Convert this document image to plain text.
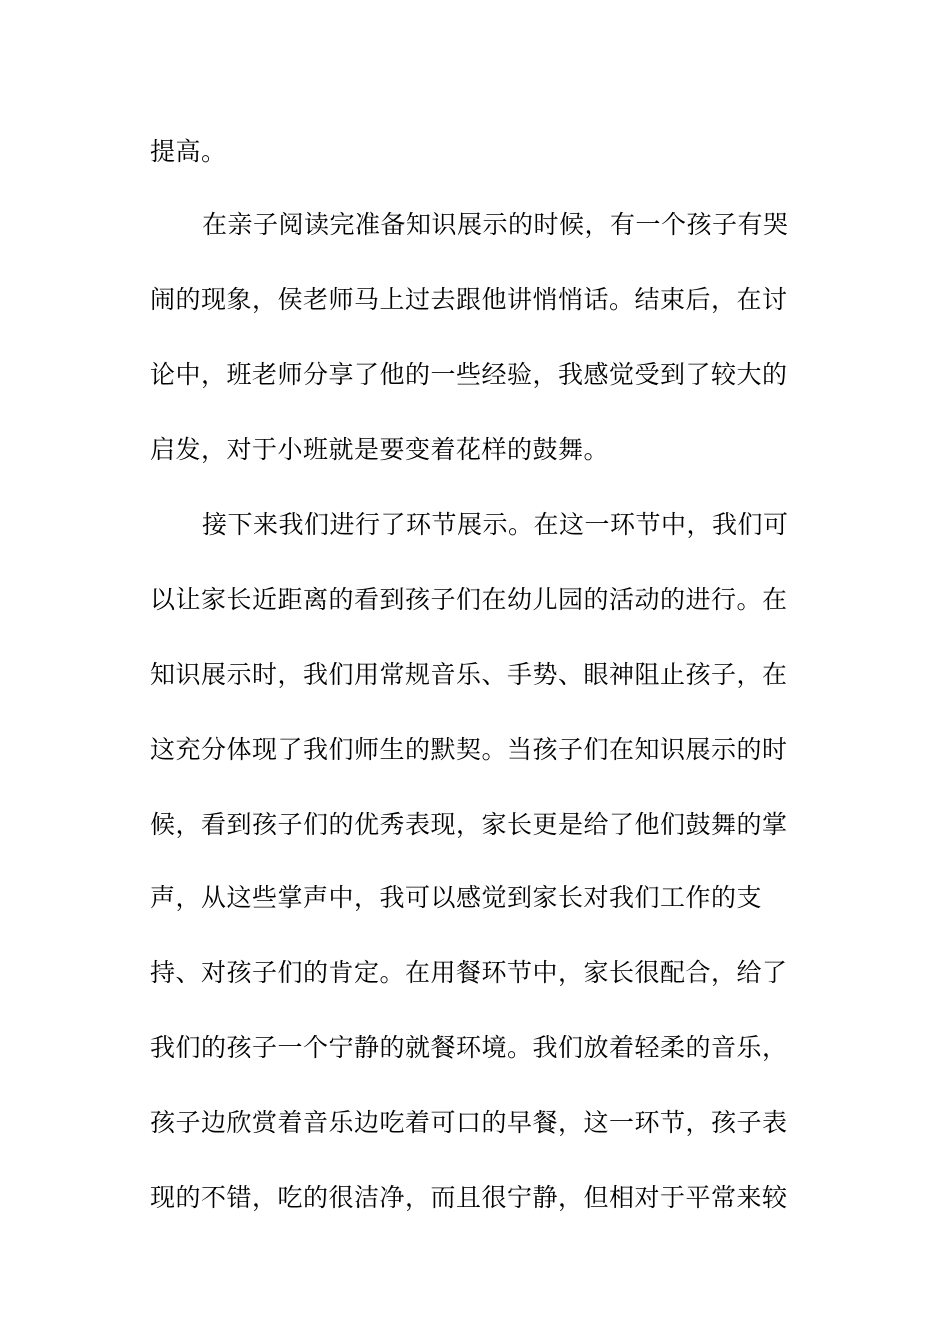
提高。
在亲子阅读完准备知识展示的时候，有一个孩子有哭
闹的现象，侯老师马上过去跟他讲悄悄话。结束后，在讨
论中，班老师分享了他的一些经验，我感觉受到了较大的
启发，对于小班就是要变着花样的鼓舞。
接下来我们进行了环节展示。在这一环节中，我们可
以让家长近距离的看到孩子们在幼儿园的活动的进行。在
知识展示时，我们用常规音乐、手势、眼神阻止孩子，在
这充分体现了我们师生的默契。当孩子们在知识展示的时
候，看到孩子们的优秀表现，家长更是给了他们鼓舞的掌
声，从这些掌声中，我可以感觉到家长对我们工作的支
持、对孩子们的肯定。在用餐环节中，家长很配合，给了
我们的孩子一个宁静的就餐环境。我们放着轻柔的音乐，
孩子边欣赏着音乐边吃着可口的早餐，这一环节，孩子表
现的不错，吃的很洁净，而且很宁静，但相对于平常来较
